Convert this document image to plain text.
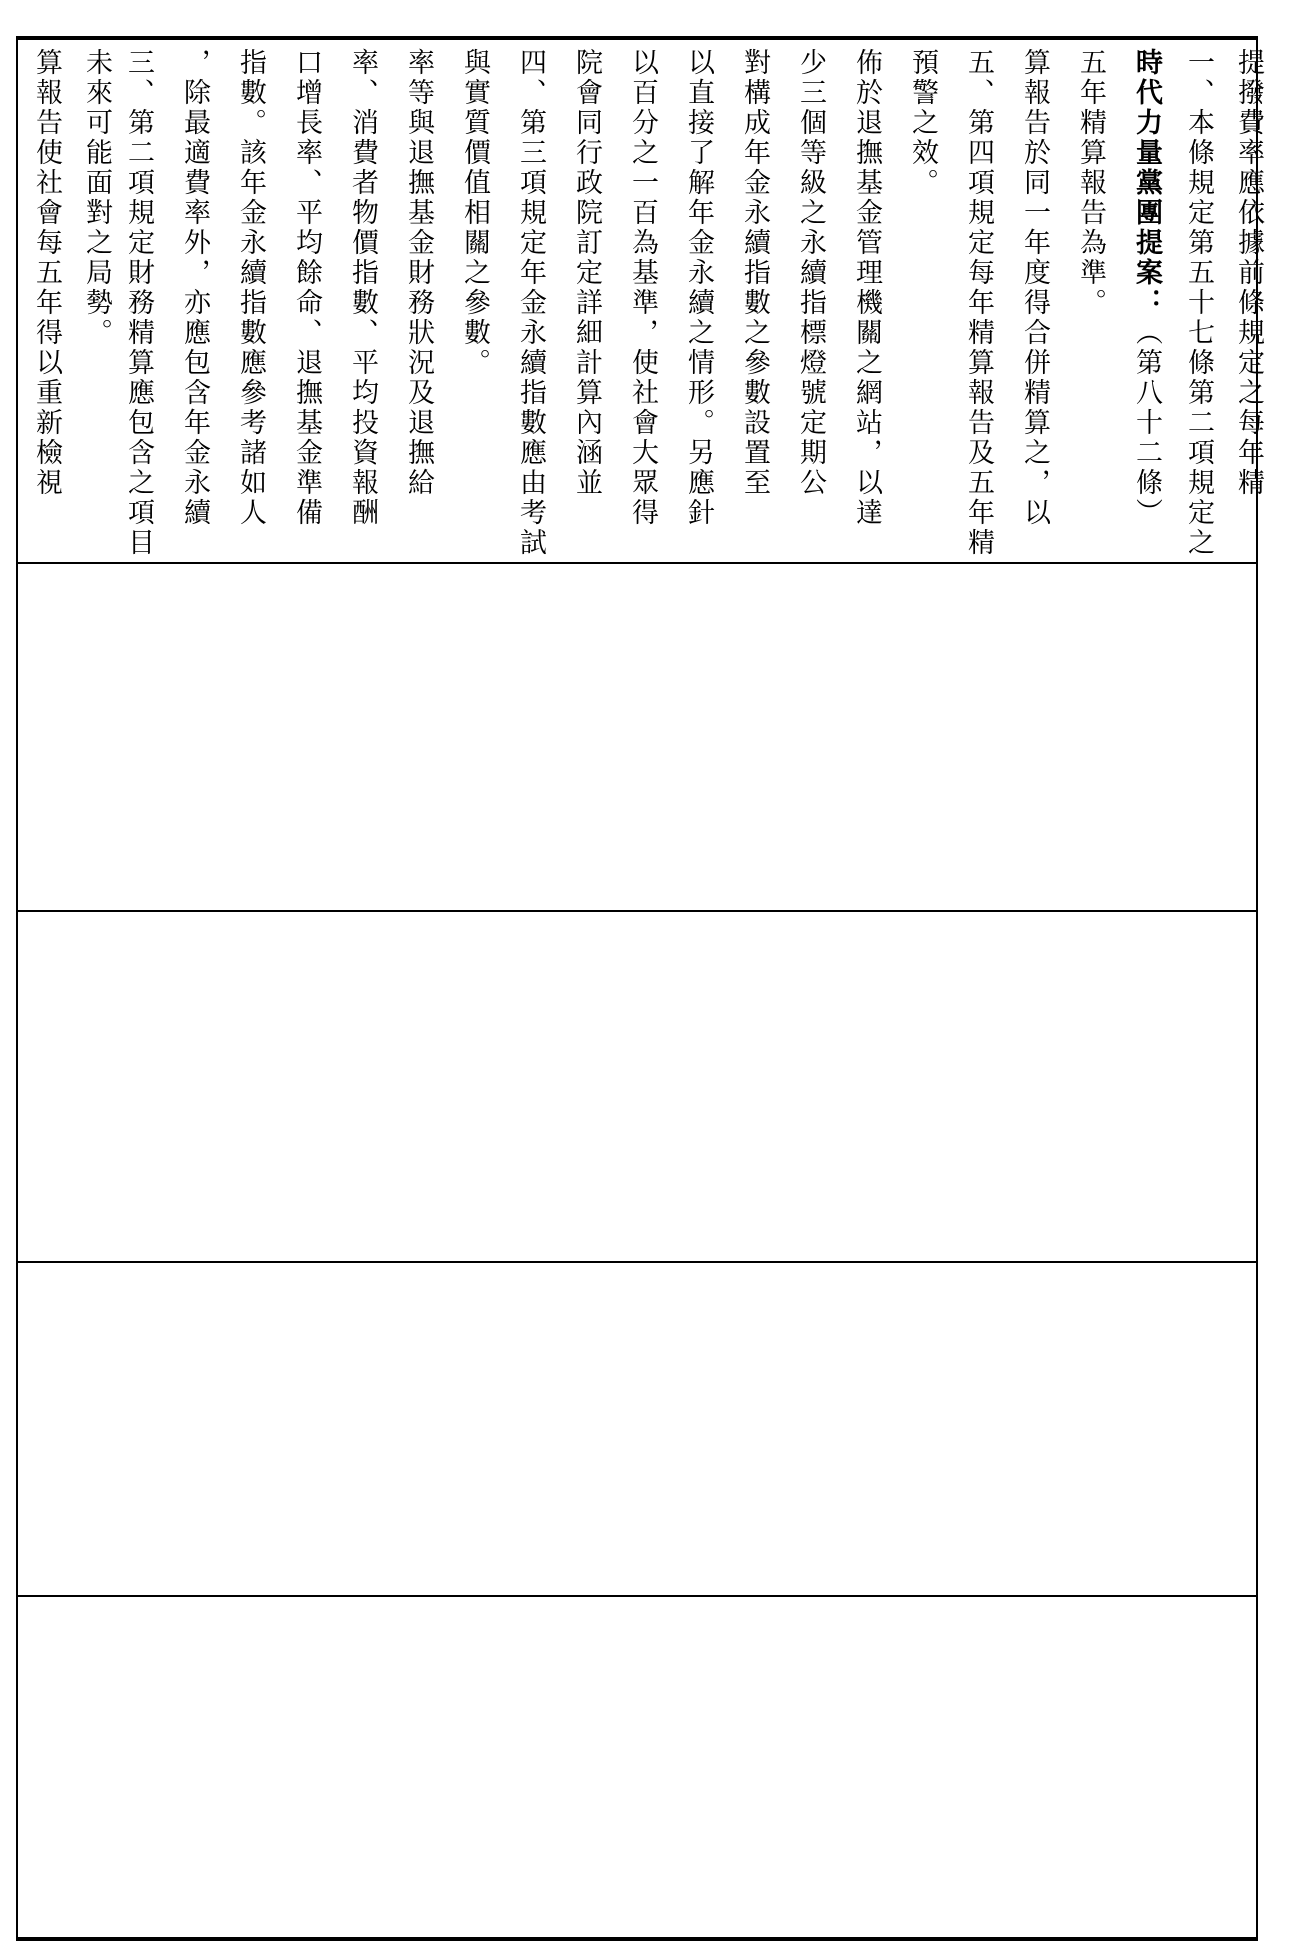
算報告使社會每五年得以重新檢視 未來可能面對之局勢。 三、第二項規定財務精算應包含之項目 ，除最適費率外，亦應包含年金永續 指數。該年金永續指數應參考諸如人 口增長率、平均餘命、退撫基金準備 率、消費者物價指數、平均投資報酬 率等與退撫基金財務狀況及退撫給 與實質價值相關之參數。 四、第三項規定年金永續指數應由考試 院會同行政院訂定詳細計算內涵並 以百分之一百為基準，使社會大眾得 以直接了解年金永續之情形。另應針 對構成年金永續指數之參數設置至 少三個等級之永續指標燈號定期公 佈於退撫基金管理機關之網站，以達 預警之效。 五、第四項規定每年精算報告及五年精 算報告於同一年度得合併精算之，以 五年精算報告為準。 時代力量黨團提案：（第八十二條） 一、本條規定第五十七條第二項規定之 提撥費率應依據前條規定之每年精
